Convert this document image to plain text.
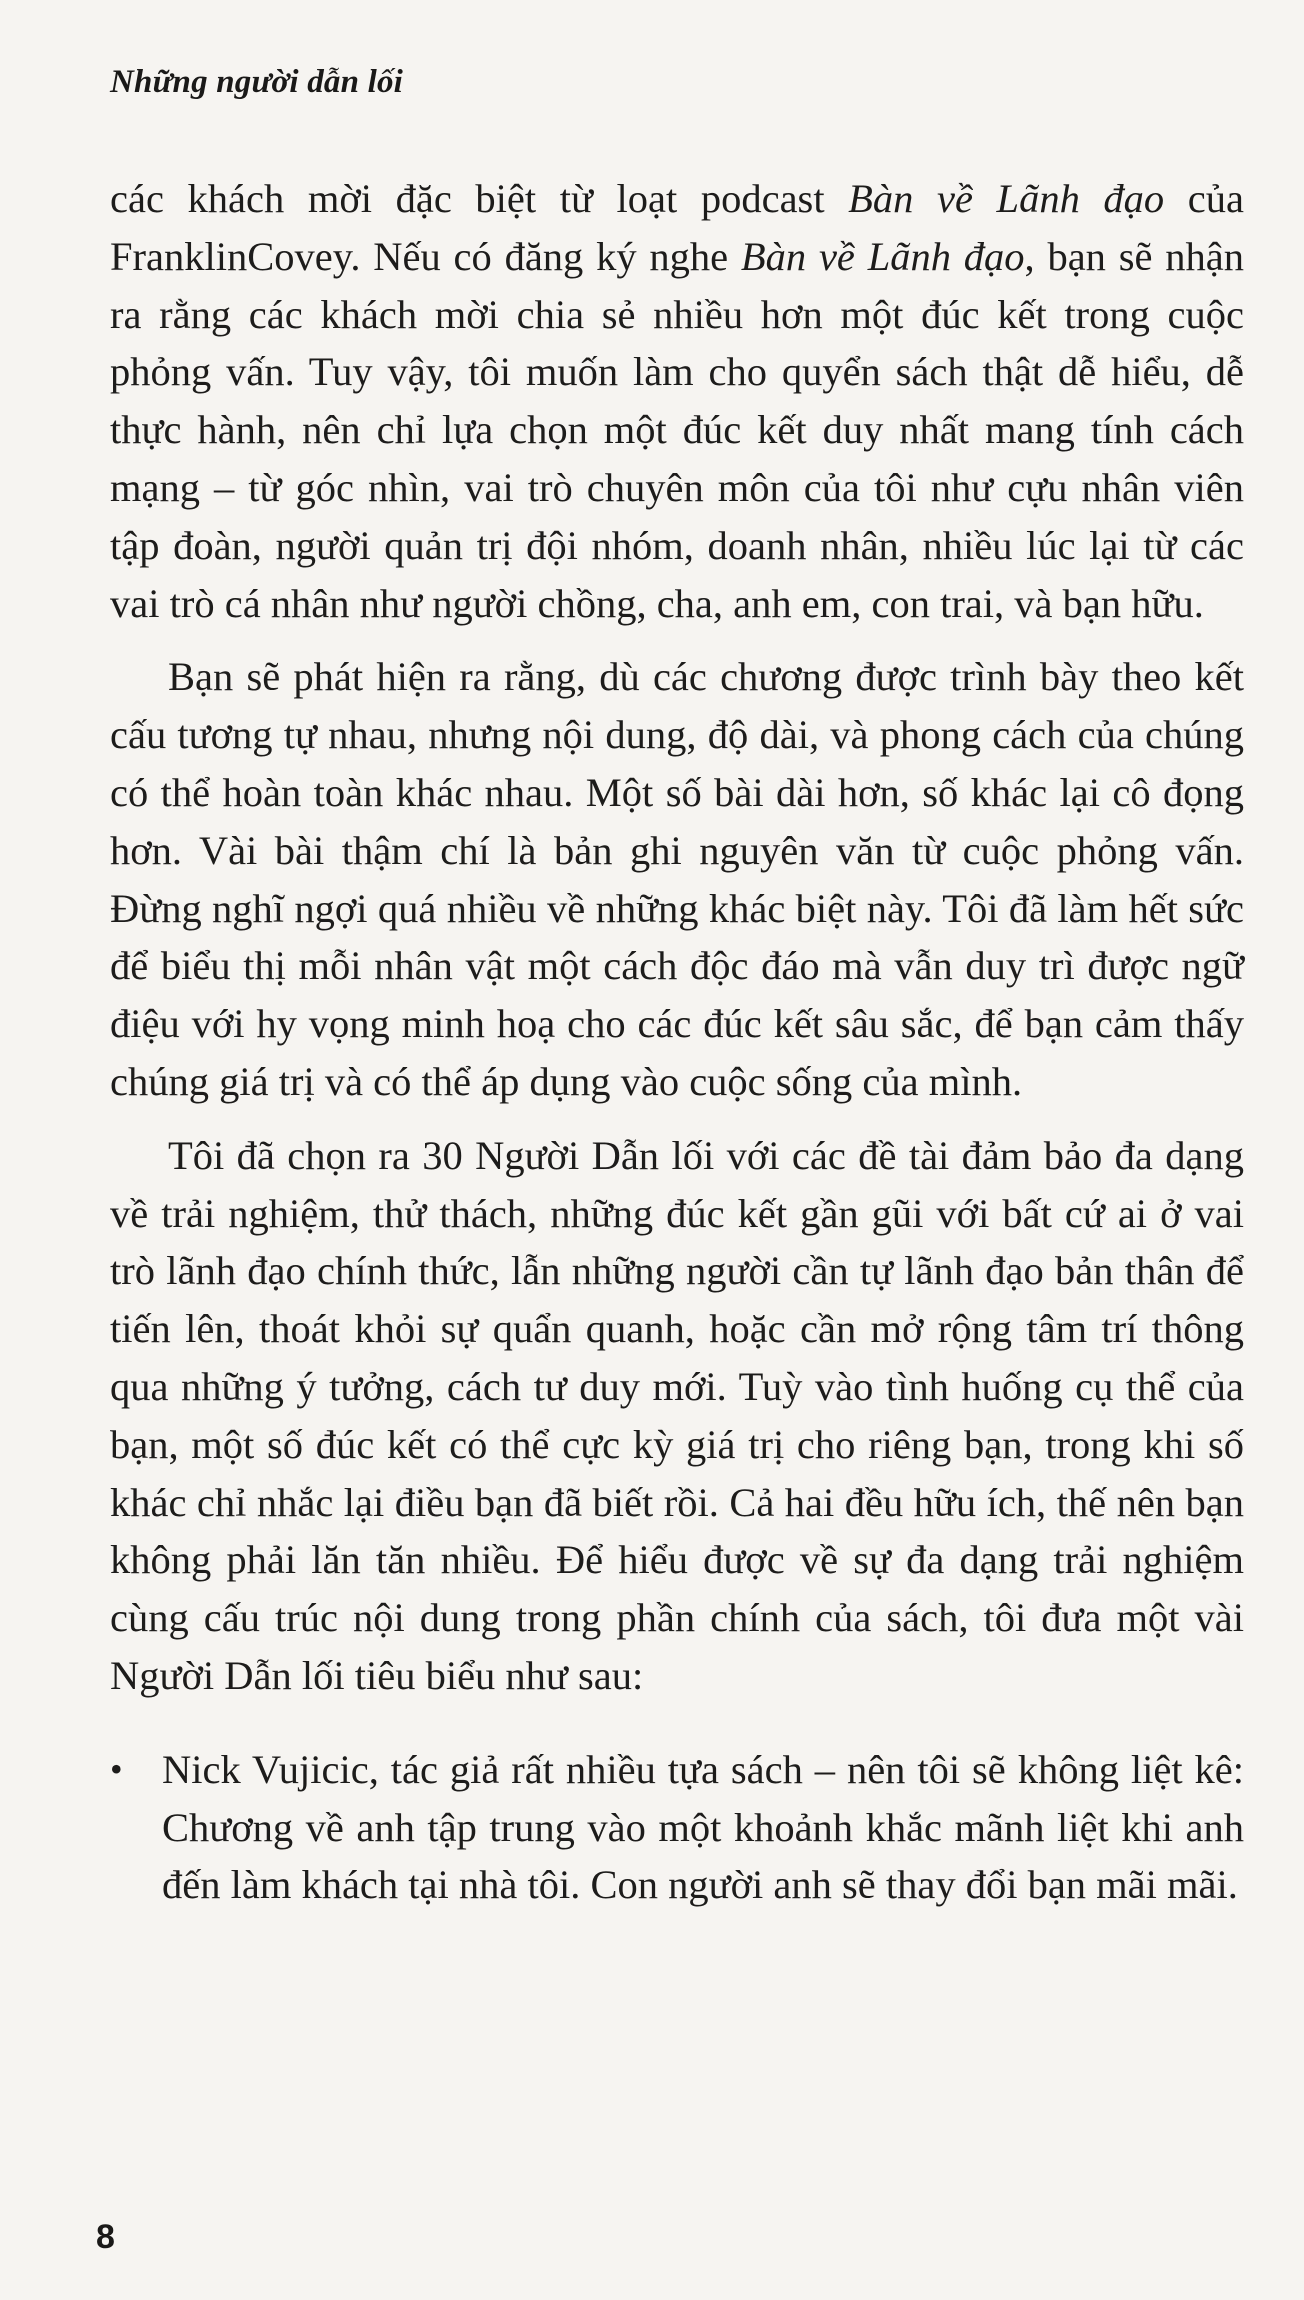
Những người dẫn lối

các khách mời đặc biệt từ loạt podcast Bàn về Lãnh đạo của FranklinCovey. Nếu có đăng ký nghe Bàn về Lãnh đạo, bạn sẽ nhận ra rằng các khách mời chia sẻ nhiều hơn một đúc kết trong cuộc phỏng vấn. Tuy vậy, tôi muốn làm cho quyển sách thật dễ hiểu, dễ thực hành, nên chỉ lựa chọn một đúc kết duy nhất mang tính cách mạng – từ góc nhìn, vai trò chuyên môn của tôi như cựu nhân viên tập đoàn, người quản trị đội nhóm, doanh nhân, nhiều lúc lại từ các vai trò cá nhân như người chồng, cha, anh em, con trai, và bạn hữu.

Bạn sẽ phát hiện ra rằng, dù các chương được trình bày theo kết cấu tương tự nhau, nhưng nội dung, độ dài, và phong cách của chúng có thể hoàn toàn khác nhau. Một số bài dài hơn, số khác lại cô đọng hơn. Vài bài thậm chí là bản ghi nguyên văn từ cuộc phỏng vấn. Đừng nghĩ ngợi quá nhiều về những khác biệt này. Tôi đã làm hết sức để biểu thị mỗi nhân vật một cách độc đáo mà vẫn duy trì được ngữ điệu với hy vọng minh hoạ cho các đúc kết sâu sắc, để bạn cảm thấy chúng giá trị và có thể áp dụng vào cuộc sống của mình.

Tôi đã chọn ra 30 Người Dẫn lối với các đề tài đảm bảo đa dạng về trải nghiệm, thử thách, những đúc kết gần gũi với bất cứ ai ở vai trò lãnh đạo chính thức, lẫn những người cần tự lãnh đạo bản thân để tiến lên, thoát khỏi sự quẩn quanh, hoặc cần mở rộng tâm trí thông qua những ý tưởng, cách tư duy mới. Tuỳ vào tình huống cụ thể của bạn, một số đúc kết có thể cực kỳ giá trị cho riêng bạn, trong khi số khác chỉ nhắc lại điều bạn đã biết rồi. Cả hai đều hữu ích, thế nên bạn không phải lăn tăn nhiều. Để hiểu được về sự đa dạng trải nghiệm cùng cấu trúc nội dung trong phần chính của sách, tôi đưa một vài Người Dẫn lối tiêu biểu như sau:

• Nick Vujicic, tác giả rất nhiều tựa sách – nên tôi sẽ không liệt kê: Chương về anh tập trung vào một khoảnh khắc mãnh liệt khi anh đến làm khách tại nhà tôi. Con người anh sẽ thay đổi bạn mãi mãi.
8
